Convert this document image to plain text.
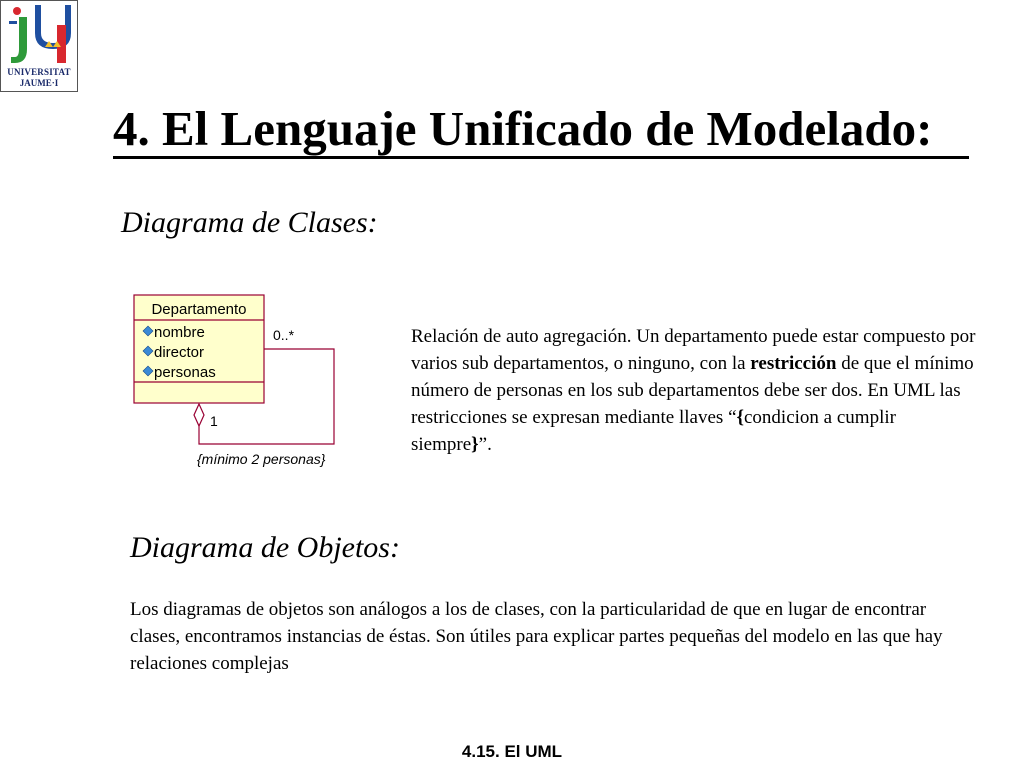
UNIVERSITAT
JAUME·I
4. El Lenguaje Unificado de Modelado:
Diagrama de Clases:
Departamento
nombre
director
personas
0..*
1
{mínimo 2 personas}

Relación de auto agregación. Un departamento puede estar compuesto por varios sub departamentos, o ninguno, con la restricción de que el mínimo número de personas en los sub departamentos debe ser dos. En UML las restricciones se expresan mediante llaves “{condicion a cumplir siempre}”.

Diagrama de Objetos:

Los diagramas de objetos son análogos a los de clases, con la particularidad de que en lugar de encontrar clases, encontramos instancias de éstas. Son útiles para explicar partes pequeñas del modelo en las que hay relaciones complejas

4.15. El UML
